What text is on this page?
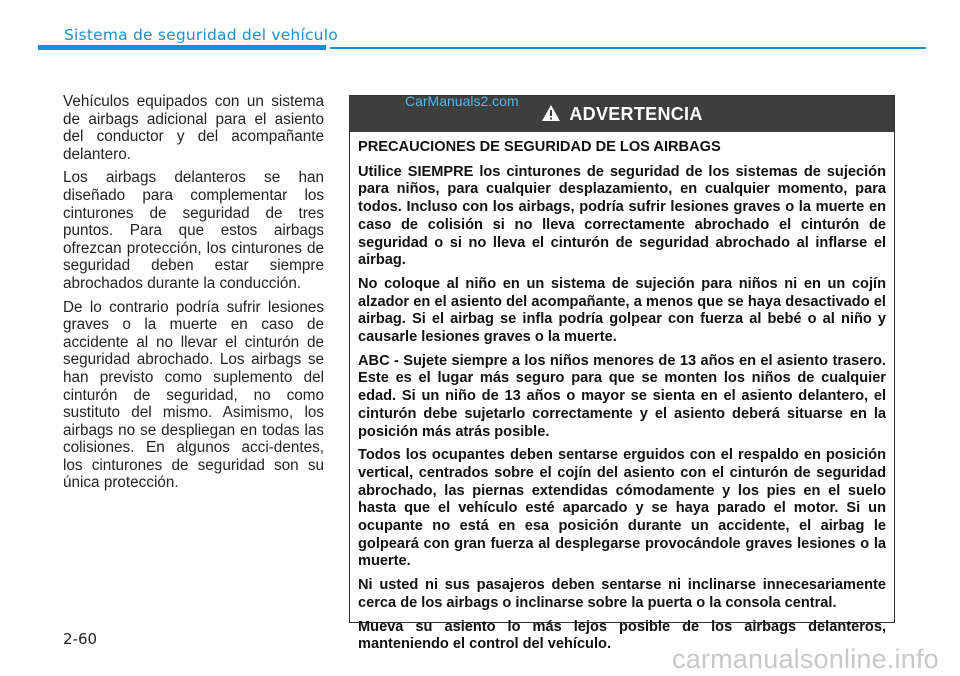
Sistema de seguridad del vehículo

Vehículos equipados con un sistema de airbags adicional para el asiento del conductor y del acompañante delantero.

Los airbags delanteros se han diseñado para complementar los cinturones de seguridad de tres puntos. Para que estos airbags ofrezcan protección, los cinturones de seguridad deben estar siempre abrochados durante la conducción.

De lo contrario podría sufrir lesiones graves o la muerte en caso de accidente al no llevar el cinturón de seguridad abrochado. Los airbags se han previsto como suplemento del cinturón de seguridad, no como sustituto del mismo. Asimismo, los airbags no se despliegan en todas las colisiones. En algunos acci-dentes, los cinturones de seguridad son su única protección.

ADVERTENCIA

PRECAUCIONES DE SEGURIDAD DE LOS AIRBAGS

Utilice SIEMPRE los cinturones de seguridad de los sistemas de sujeción para niños, para cualquier desplazamiento, en cualquier momento, para todos. Incluso con los airbags, podría sufrir lesiones graves o la muerte en caso de colisión si no lleva correctamente abrochado el cinturón de seguridad o si no lleva el cinturón de seguridad abrochado al inflarse el airbag.

No coloque al niño en un sistema de sujeción para niños ni en un cojín alzador en el asiento del acompañante, a menos que se haya desactivado el airbag. Si el airbag se infla podría golpear con fuerza al bebé o al niño y causarle lesiones graves o la muerte.

ABC - Sujete siempre a los niños menores de 13 años en el asiento trasero. Este es el lugar más seguro para que se monten los niños de cualquier edad. Si un niño de 13 años o mayor se sienta en el asiento delantero, el cinturón debe sujetarlo correctamente y el asiento deberá situarse en la posición más atrás posible.

Todos los ocupantes deben sentarse erguidos con el respaldo en posición vertical, centrados sobre el cojín del asiento con el cinturón de seguridad abrochado, las piernas extendidas cómodamente y los pies en el suelo hasta que el vehículo esté aparcado y se haya parado el motor. Si un ocupante no está en esa posición durante un accidente, el airbag le golpeará con gran fuerza al desplegarse provocándole graves lesiones o la muerte.

Ni usted ni sus pasajeros deben sentarse ni inclinarse innecesariamente cerca de los airbags o inclinarse sobre la puerta o la consola central.

Mueva su asiento lo más lejos posible de los airbags delanteros, manteniendo el control del vehículo.

CarManuals2.com
2-60
carmanualsonline.info
